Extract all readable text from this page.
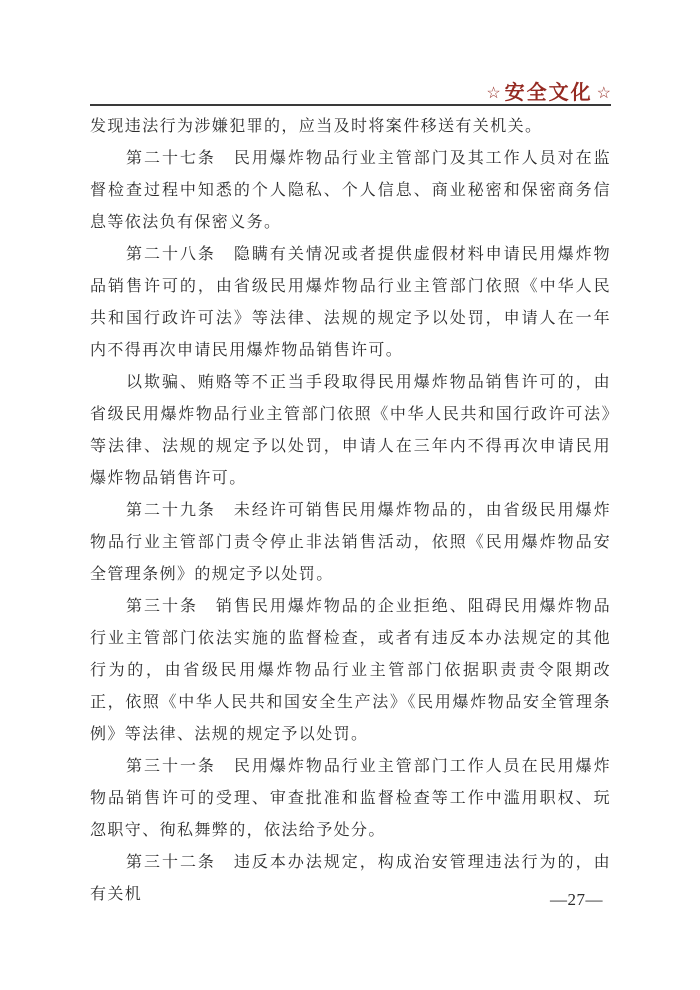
☆ 安全文化 ☆

发现违法行为涉嫌犯罪的，应当及时将案件移送有关机关。

第二十七条　民用爆炸物品行业主管部门及其工作人员对在监督检查过程中知悉的个人隐私、个人信息、商业秘密和保密商务信息等依法负有保密义务。

第二十八条　隐瞒有关情况或者提供虚假材料申请民用爆炸物品销售许可的，由省级民用爆炸物品行业主管部门依照《中华人民共和国行政许可法》等法律、法规的规定予以处罚，申请人在一年内不得再次申请民用爆炸物品销售许可。

以欺骗、贿赂等不正当手段取得民用爆炸物品销售许可的，由省级民用爆炸物品行业主管部门依照《中华人民共和国行政许可法》等法律、法规的规定予以处罚，申请人在三年内不得再次申请民用爆炸物品销售许可。

第二十九条　未经许可销售民用爆炸物品的，由省级民用爆炸物品行业主管部门责令停止非法销售活动，依照《民用爆炸物品安全管理条例》的规定予以处罚。

第三十条　销售民用爆炸物品的企业拒绝、阻碍民用爆炸物品行业主管部门依法实施的监督检查，或者有违反本办法规定的其他行为的，由省级民用爆炸物品行业主管部门依据职责责令限期改正，依照《中华人民共和国安全生产法》《民用爆炸物品安全管理条例》等法律、法规的规定予以处罚。

第三十一条　民用爆炸物品行业主管部门工作人员在民用爆炸物品销售许可的受理、审查批准和监督检查等工作中滥用职权、玩忽职守、徇私舞弊的，依法给予处分。

第三十二条　违反本办法规定，构成治安管理违法行为的，由有关机	—27—
